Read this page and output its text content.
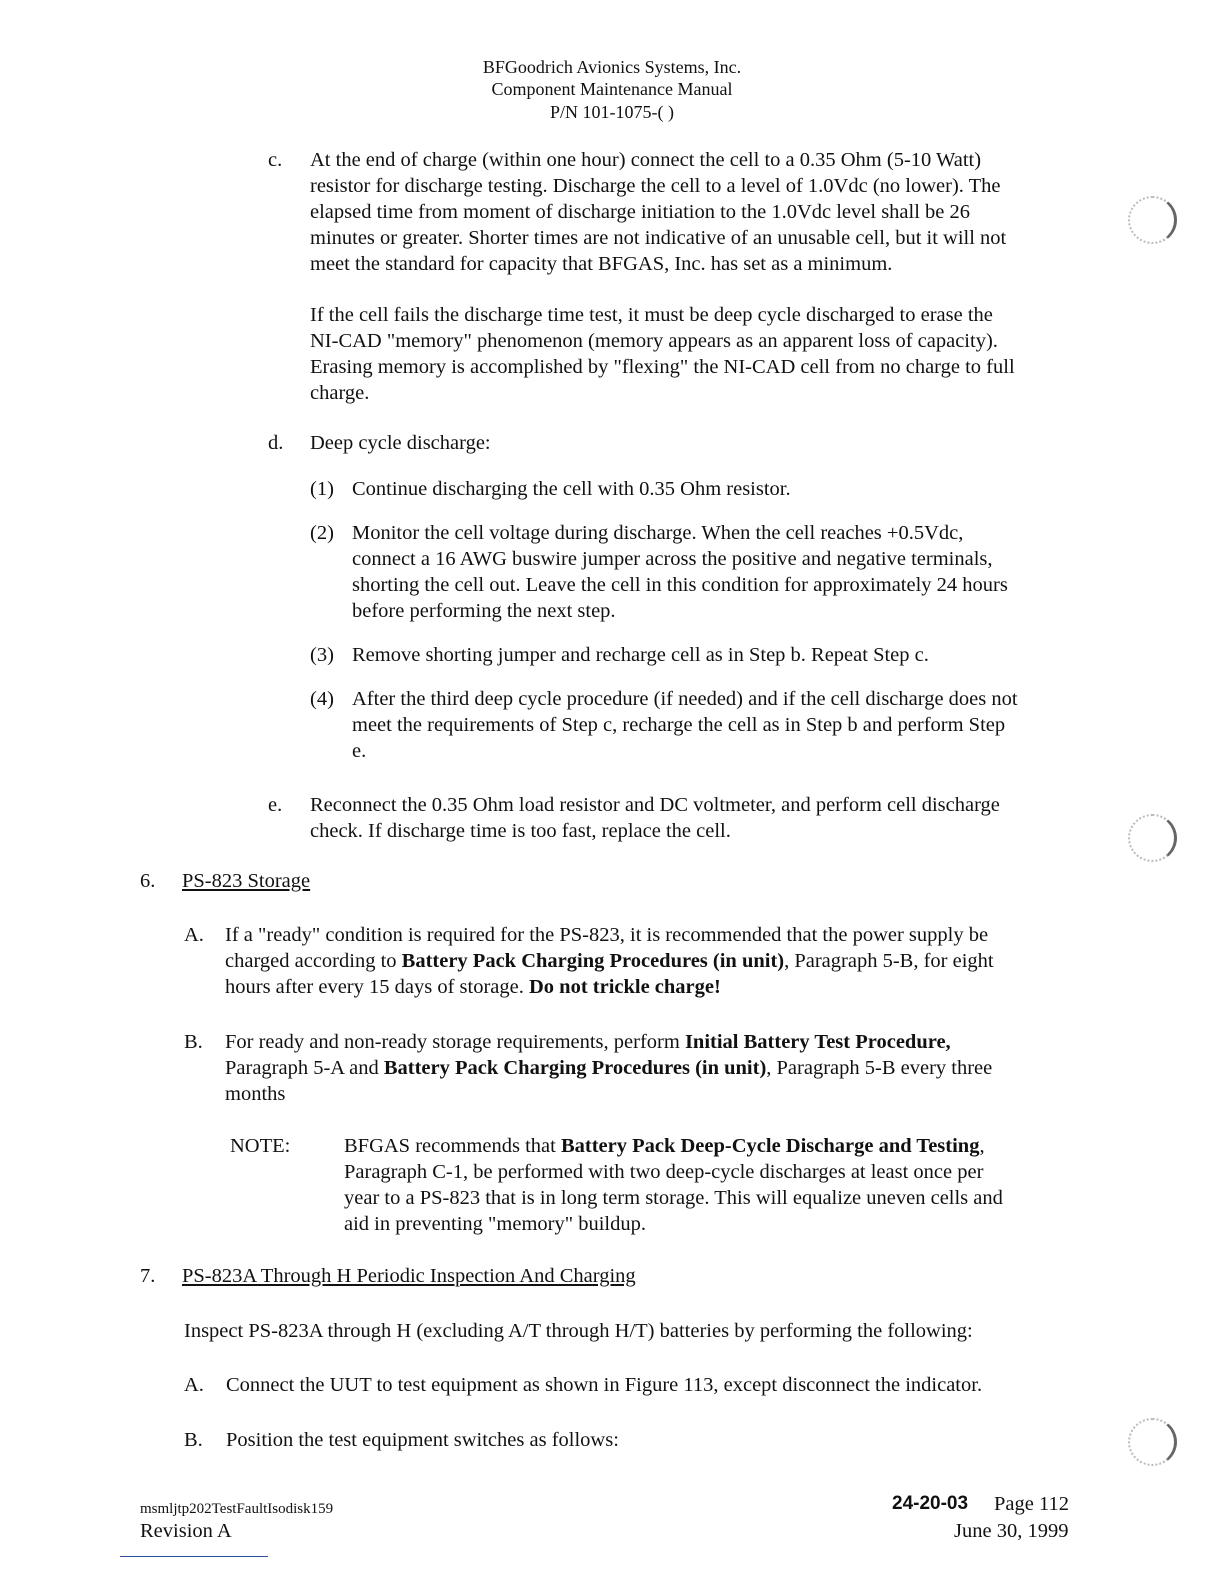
BFGoodrich Avionics Systems, Inc.
Component Maintenance Manual
P/N 101-1075-( )
c. At the end of charge (within one hour) connect the cell to a 0.35 Ohm (5-10 Watt)
resistor for discharge testing. Discharge the cell to a level of 1.0Vdc (no lower). The
elapsed time from moment of discharge initiation to the 1.0Vdc level shall be 26
minutes or greater. Shorter times are not indicative of an unusable cell, but it will not
meet the standard for capacity that BFGAS, Inc. has set as a minimum.
If the cell fails the discharge time test, it must be deep cycle discharged to erase the
NI-CAD "memory" phenomenon (memory appears as an apparent loss of capacity).
Erasing memory is accomplished by "flexing" the NI-CAD cell from no charge to full
charge.
d. Deep cycle discharge:
(1) Continue discharging the cell with 0.35 Ohm resistor.
(2) Monitor the cell voltage during discharge. When the cell reaches +0.5Vdc,
connect a 16 AWG buswire jumper across the positive and negative terminals,
shorting the cell out. Leave the cell in this condition for approximately 24 hours
before performing the next step.
(3) Remove shorting jumper and recharge cell as in Step b. Repeat Step c.
(4) After the third deep cycle procedure (if needed) and if the cell discharge does not
meet the requirements of Step c, recharge the cell as in Step b and perform Step
e.
e. Reconnect the 0.35 Ohm load resistor and DC voltmeter, and perform cell discharge
check. If discharge time is too fast, replace the cell.
6. PS-823 Storage
A. If a "ready" condition is required for the PS-823, it is recommended that the power supply be
charged according to Battery Pack Charging Procedures (in unit), Paragraph 5-B, for eight
hours after every 15 days of storage. Do not trickle charge!
B. For ready and non-ready storage requirements, perform Initial Battery Test Procedure,
Paragraph 5-A and Battery Pack Charging Procedures (in unit), Paragraph 5-B every three
months
NOTE:	BFGAS recommends that Battery Pack Deep-Cycle Discharge and Testing,
Paragraph C-1, be performed with two deep-cycle discharges at least once per
year to a PS-823 that is in long term storage. This will equalize uneven cells and
aid in preventing "memory" buildup.
7. PS-823A Through H Periodic Inspection And Charging
Inspect PS-823A through H (excluding A/T through H/T) batteries by performing the following:
A. Connect the UUT to test equipment as shown in Figure 113, except disconnect the indicator.
B. Position the test equipment switches as follows:
msmljtp202TestFaultIsodisk159
Revision A
24-20-03 Page 112
June 30, 1999
